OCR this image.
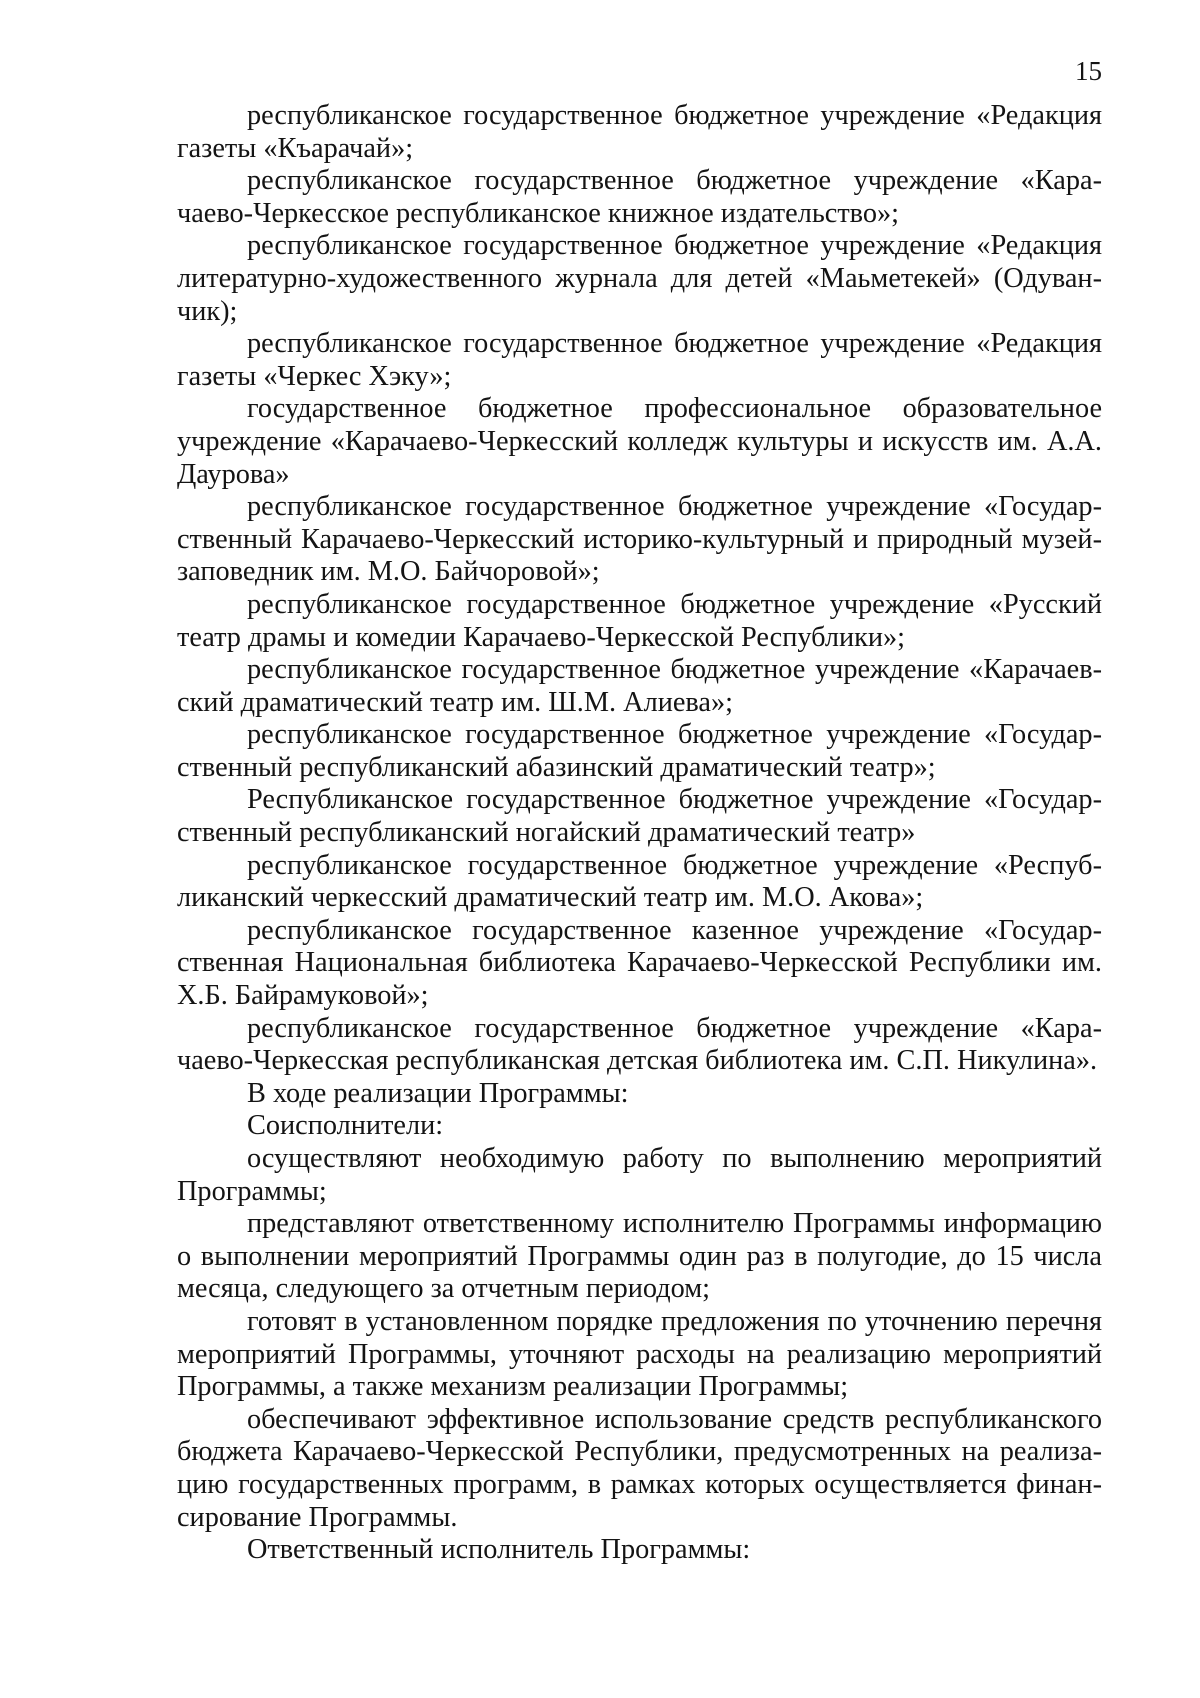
15

республиканское государственное бюджетное учреждение «Редакция газеты «Къарачай»;

республиканское государственное бюджетное учреждение «Карачаево-Черкесское республиканское книжное издательство»;

республиканское государственное бюджетное учреждение «Редакция литературно-художественного журнала для детей «Маьметекей» (Одуванчик);

республиканское государственное бюджетное учреждение «Редакция газеты «Черкес Хэку»;

государственное бюджетное профессиональное образовательное учреждение «Карачаево-Черкесский колледж культуры и искусств им. А.А. Даурова»

республиканское государственное бюджетное учреждение «Государственный Карачаево-Черкесский историко-культурный и природный музей-заповедник им. М.О. Байчоровой»;

республиканское государственное бюджетное учреждение «Русский театр драмы и комедии Карачаево-Черкесской Республики»;

республиканское государственное бюджетное учреждение «Карачаевский драматический театр им. Ш.М. Алиева»;

республиканское государственное бюджетное учреждение «Государственный республиканский абазинский драматический театр»;

Республиканское государственное бюджетное учреждение «Государственный республиканский ногайский драматический театр»

республиканское государственное бюджетное учреждение «Республиканский черкесский драматический театр им. М.О. Акова»;

республиканское государственное казенное учреждение «Государственная Национальная библиотека Карачаево-Черкесской Республики им. Х.Б. Байрамуковой»;

республиканское государственное бюджетное учреждение «Карачаево-Черкесская республиканская детская библиотека им. С.П. Никулина».

В ходе реализации Программы:

Соисполнители:

осуществляют необходимую работу по выполнению мероприятий Программы;

представляют ответственному исполнителю Программы информацию о выполнении мероприятий Программы один раз в полугодие, до 15 числа месяца, следующего за отчетным периодом;

готовят в установленном порядке предложения по уточнению перечня мероприятий Программы, уточняют расходы на реализацию мероприятий Программы, а также механизм реализации Программы;

обеспечивают эффективное использование средств республиканского бюджета Карачаево-Черкесской Республики, предусмотренных на реализацию государственных программ, в рамках которых осуществляется финансирование Программы.

Ответственный исполнитель Программы:
